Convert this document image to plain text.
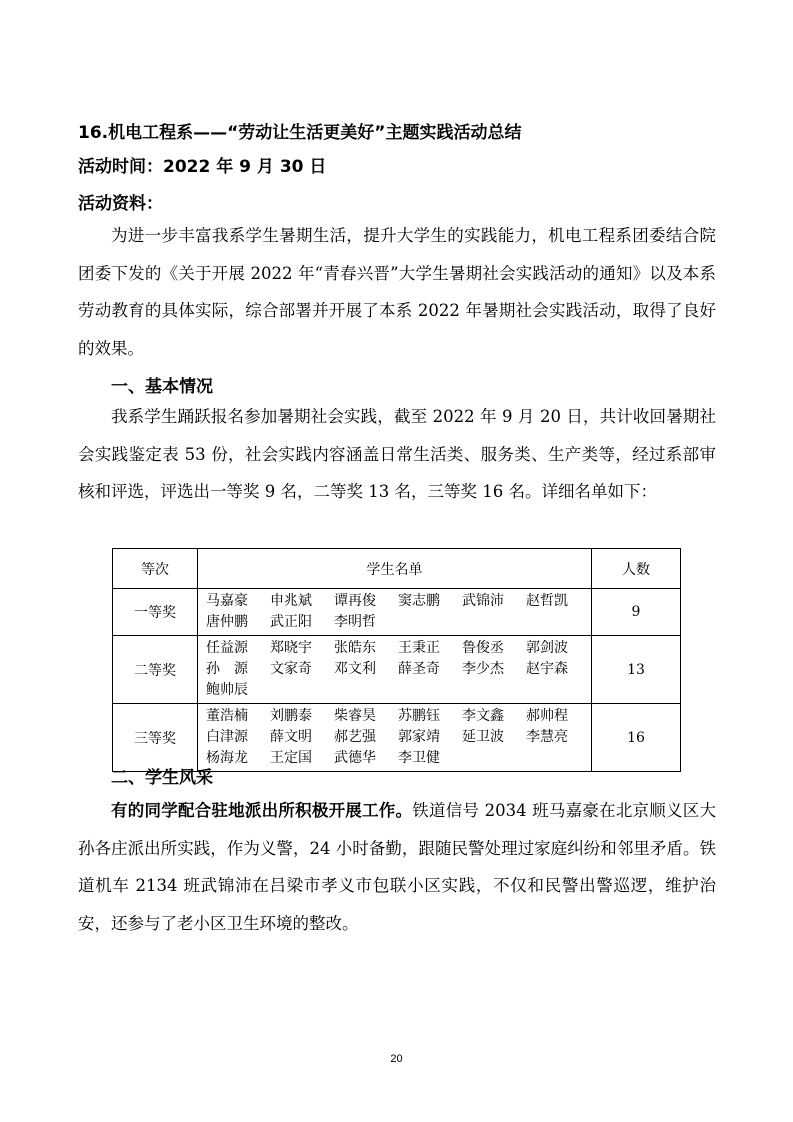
16.机电工程系——“劳动让生活更美好”主题实践活动总结
活动时间：2022 年 9 月 30 日
活动资料：
为进一步丰富我系学生暑期生活，提升大学生的实践能力，机电工程系团委结合院团委下发的《关于开展 2022 年“青春兴晋”大学生暑期社会实践活动的通知》以及本系劳动教育的具体实际，综合部署并开展了本系 2022 年暑期社会实践活动，取得了良好的效果。
一、基本情况
我系学生踊跃报名参加暑期社会实践，截至 2022 年 9 月 20 日，共计收回暑期社会实践鉴定表 53 份，社会实践内容涵盖日常生活类、服务类、生产类等，经过系部审核和评选，评选出一等奖 9 名，二等奖 13 名，三等奖 16 名。详细名单如下：
等次	学生名单	人数
一等奖	马嘉豪 申兆斌 谭再俊 窦志鹏 武锦沛 赵哲凯
唐仲鹏 武正阳 李明哲	9
二等奖	任益源 郑晓宇 张皓东 王秉正 鲁俊丞 郭剑波
孙　源 文家奇 邓文利 薛圣奇 李少杰 赵宇森
鲍帅辰	13
三等奖	董浩楠 刘鹏泰 柴睿昊 苏鹏钰 李文鑫 郝帅程
白津源 薛文明 郝艺强 郭家靖 延卫波 李慧亮
杨海龙 王定国 武德华 李卫健	16
二、学生风采
有的同学配合驻地派出所积极开展工作。铁道信号 2034 班马嘉豪在北京顺义区大孙各庄派出所实践，作为义警，24 小时备勤，跟随民警处理过家庭纠纷和邻里矛盾。铁道机车 2134 班武锦沛在吕梁市孝义市包联小区实践，不仅和民警出警巡逻，维护治安，还参与了老小区卫生环境的整改。
20
